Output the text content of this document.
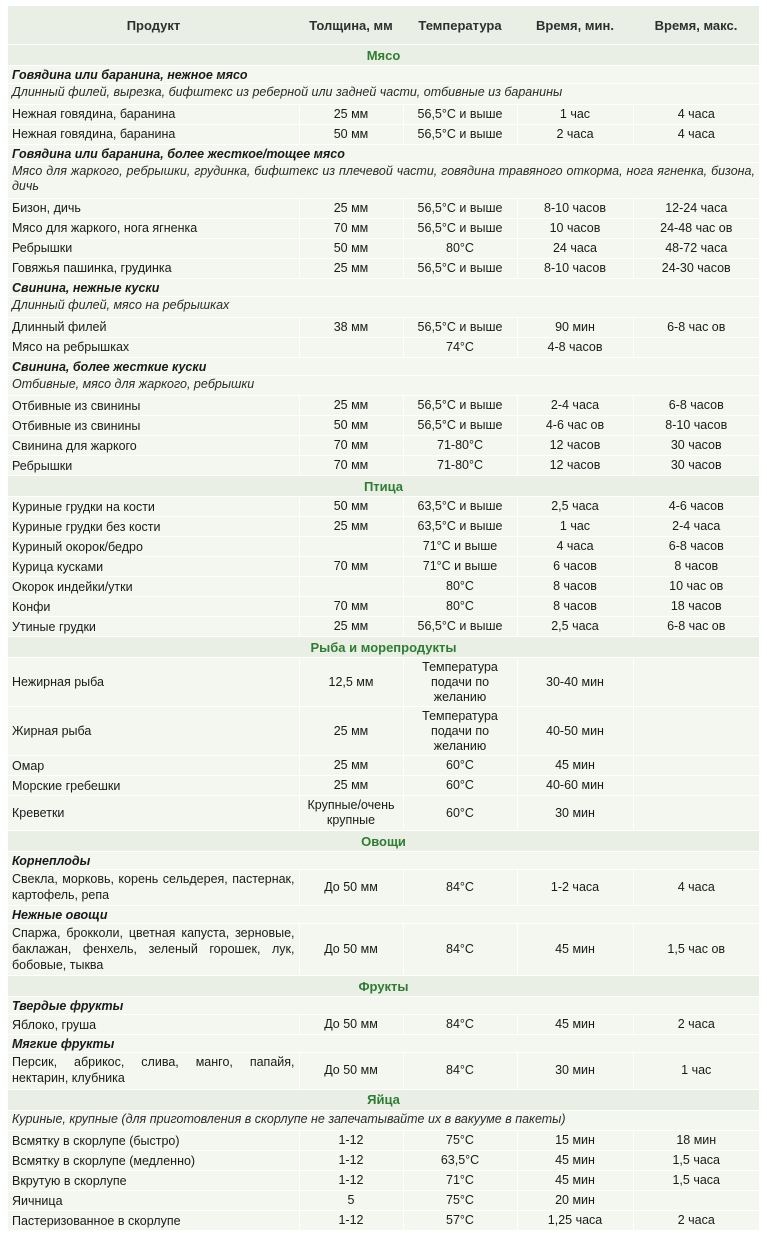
Продукт	Толщина, мм	Температура	Время, мин.	Время, макс.
Мясо				
Говядина или баранина, нежное мясо				
Длинный филей, вырезка, бифштекс из реберной или задней части, отбивные из баранины				
Нежная говядина, баранина	25 мм	56,5°C и выше	1 час	4 часа
Нежная говядина, баранина	50 мм	56,5°C и выше	2 часа	4 часа
Говядина или баранина, более жесткое/тощее мясо				
Мясо для жаркого, ребрышки, грудинка, бифштекс из плечевой части, говядина травяного откорма, нога ягненка, бизона, дичь				
Бизон, дичь	25 мм	56,5°C и выше	8-10 часов	12-24 часа
Мясо для жаркого, нога ягненка	70 мм	56,5°C и выше	10 часов	24-48 час ов
Ребрышки	50 мм	80°C	24 часа	48-72 часа
Говяжья пашинка, грудинка	25 мм	56,5°C и выше	8-10 часов	24-30 часов
Свинина, нежные куски				
Длинный филей, мясо на ребрышках				
Длинный филей	38 мм	56,5°C и выше	90 мин	6-8 час ов
Мясо на ребрышках		74°C	4-8 часов	
Свинина, более жесткие куски				
Отбивные, мясо для жаркого, ребрышки				
Отбивные из свинины	25 мм	56,5°C и выше	2-4 часа	6-8 часов
Отбивные из свинины	50 мм	56,5°C и выше	4-6 час ов	8-10 часов
Свинина для жаркого	70 мм	71-80°C	12 часов	30 часов
Ребрышки	70 мм	71-80°C	12 часов	30 часов
Птица				
Куриные грудки на кости	50 мм	63,5°C и выше	2,5 часа	4-6 часов
Куриные грудки без кости	25 мм	63,5°C и выше	1 час	2-4 часа
Куриный окорок/бедро		71°C и выше	4 часа	6-8 часов
Курица кусками	70 мм	71°C и выше	6 часов	8 часов
Окорок индейки/утки		80°C	8 часов	10 час ов
Конфи	70 мм	80°C	8 часов	18 часов
Утиные грудки	25 мм	56,5°C и выше	2,5 часа	6-8 час ов
Рыба и морепродукты				
Нежирная рыба	12,5 мм	Температура подачи по желанию	30-40 мин	
Жирная рыба	25 мм	Температура подачи по желанию	40-50 мин	
Омар	25 мм	60°C	45 мин	
Морские гребешки	25 мм	60°C	40-60 мин	
Креветки	Крупные/очень крупные	60°C	30 мин	
Овощи				
Корнеплоды				
Свекла, морковь, корень сельдерея, пастернак, картофель, репа	До 50 мм	84°C	1-2 часа	4 часа
Нежные овощи				
Спаржа, брокколи, цветная капуста, зерновые, баклажан, фенхель, зеленый горошек, лук, бобовые, тыква	До 50 мм	84°C	45 мин	1,5 час ов
Фрукты				
Твердые фрукты				
Яблоко, груша	До 50 мм	84°C	45 мин	2 часа
Мягкие фрукты				
Персик, абрикос, слива, манго, папайя, нектарин, клубника	До 50 мм	84°C	30 мин	1 час
Яйца				
Куриные, крупные (для приготовления в скорлупе не запечатывайте их в вакууме в пакеты)				
Всмятку в скорлупе (быстро)	1-12	75°C	15 мин	18 мин
Всмятку в скорлупе (медленно)	1-12	63,5°C	45 мин	1,5 часа
Вкрутую в скорлупе	1-12	71°C	45 мин	1,5 часа
Яичница	5	75°C	20 мин	
Пастеризованное в скорлупе	1-12	57°C	1,25 часа	2 часа
